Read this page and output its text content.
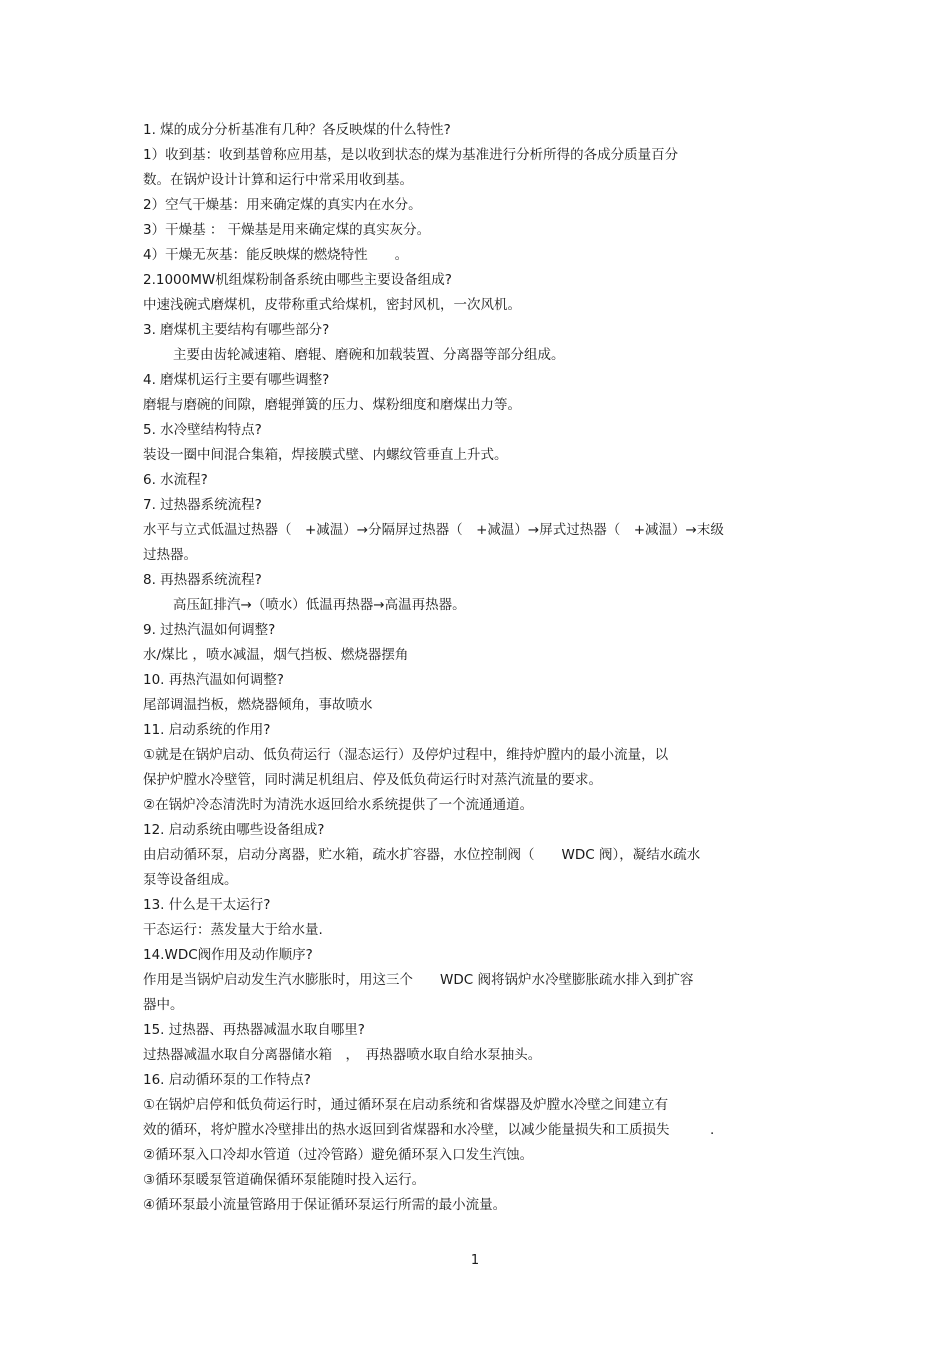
1. 煤的成分分析基准有几种？各反映煤的什么特性?
1）收到基：收到基曾称应用基，是以收到状态的煤为基准进行分析所得的各成分质量百分
数。在锅炉设计计算和运行中常采用收到基。
2）空气干燥基：用来确定煤的真实内在水分。
3）干燥基 ： 干燥基是用来确定煤的真实灰分。
4）干燥无灰基：能反映煤的燃烧特性　　。
2.1000MW机组煤粉制备系统由哪些主要设备组成?
中速浅碗式磨煤机，皮带称重式给煤机，密封风机，一次风机。
3. 磨煤机主要结构有哪些部分?
主要由齿轮减速箱、磨辊、磨碗和加载装置、分离器等部分组成。
4. 磨煤机运行主要有哪些调整?
磨辊与磨碗的间隙，磨辊弹簧的压力、煤粉细度和磨煤出力等。
5. 水冷壁结构特点?
装设一圈中间混合集箱，焊接膜式壁、内螺纹管垂直上升式。
6. 水流程?
7. 过热器系统流程?
水平与立式低温过热器（　+减温）→分隔屏过热器（　+减温）→屏式过热器（　+减温）→末级
过热器。
8. 再热器系统流程?
高压缸排汽→（喷水）低温再热器→高温再热器。
9. 过热汽温如何调整?
水/煤比 ，喷水减温，烟气挡板、燃烧器摆角
10. 再热汽温如何调整?
尾部调温挡板，燃烧器倾角，事故喷水
11. 启动系统的作用?
①就是在锅炉启动、低负荷运行（湿态运行）及停炉过程中，维持炉膛内的最小流量，以
保护炉膛水冷壁管，同时满足机组启、停及低负荷运行时对蒸汽流量的要求。
②在锅炉冷态清洗时为清洗水返回给水系统提供了一个流通通道。
12. 启动系统由哪些设备组成?
由启动循环泵，启动分离器，贮水箱，疏水扩容器，水位控制阀（　　WDC 阀），凝结水疏水
泵等设备组成。
13. 什么是干太运行?
干态运行：蒸发量大于给水量.
14.WDC阀作用及动作顺序?
作用是当锅炉启动发生汽水膨胀时，用这三个　　WDC 阀将锅炉水冷壁膨胀疏水排入到扩容
器中。
15. 过热器、再热器减温水取自哪里?
过热器减温水取自分离器储水箱　，　再热器喷水取自给水泵抽头。
16. 启动循环泵的工作特点?
①在锅炉启停和低负荷运行时，通过循环泵在启动系统和省煤器及炉膛水冷壁之间建立有
效的循环，将炉膛水冷壁排出的热水返回到省煤器和水冷壁，以减少能量损失和工质损失　　　.
②循环泵入口冷却水管道（过冷管路）避免循环泵入口发生汽蚀。
③循环泵暖泵管道确保循环泵能随时投入运行。
④循环泵最小流量管路用于保证循环泵运行所需的最小流量。
1
